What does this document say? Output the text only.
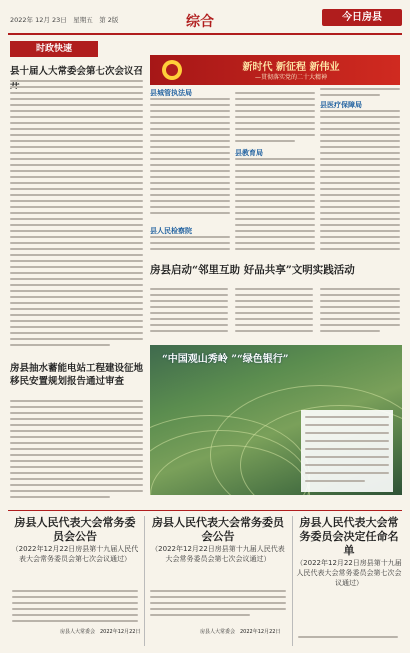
2022年 12月 23日　星期五　第 2版	综合	今日房县
时政快速
县十届人大常委会第七次会议召	新时代 新征程 新伟业
—贯彻落实党的二十大精神
县城管执法局
县医疗保障局
县教育局
县人民检察院
房县启动“邻里互助 好品共享”文明实践活动
房县抽水蓄能电站工程建设征地移民安置规划报告通过审查
“中国观山秀岭 ”“绿色银行”
房县人民代表大会常务委员会公告
（2022年12月22日房县第十九届人民代表大会常务委员会第七次会议通过）
房县人大常委会　2022年12月22日
房县人民代表大会常务委员会公告
（2022年12月22日房县第十九届人民代表大会常务委员会第七次会议通过）
房县人大常委会　2022年12月22日
房县人民代表大会常务委员会决定任命名单
（2022年12月22日房县第十九届人民代表大会常务委员会第七次会议通过）
